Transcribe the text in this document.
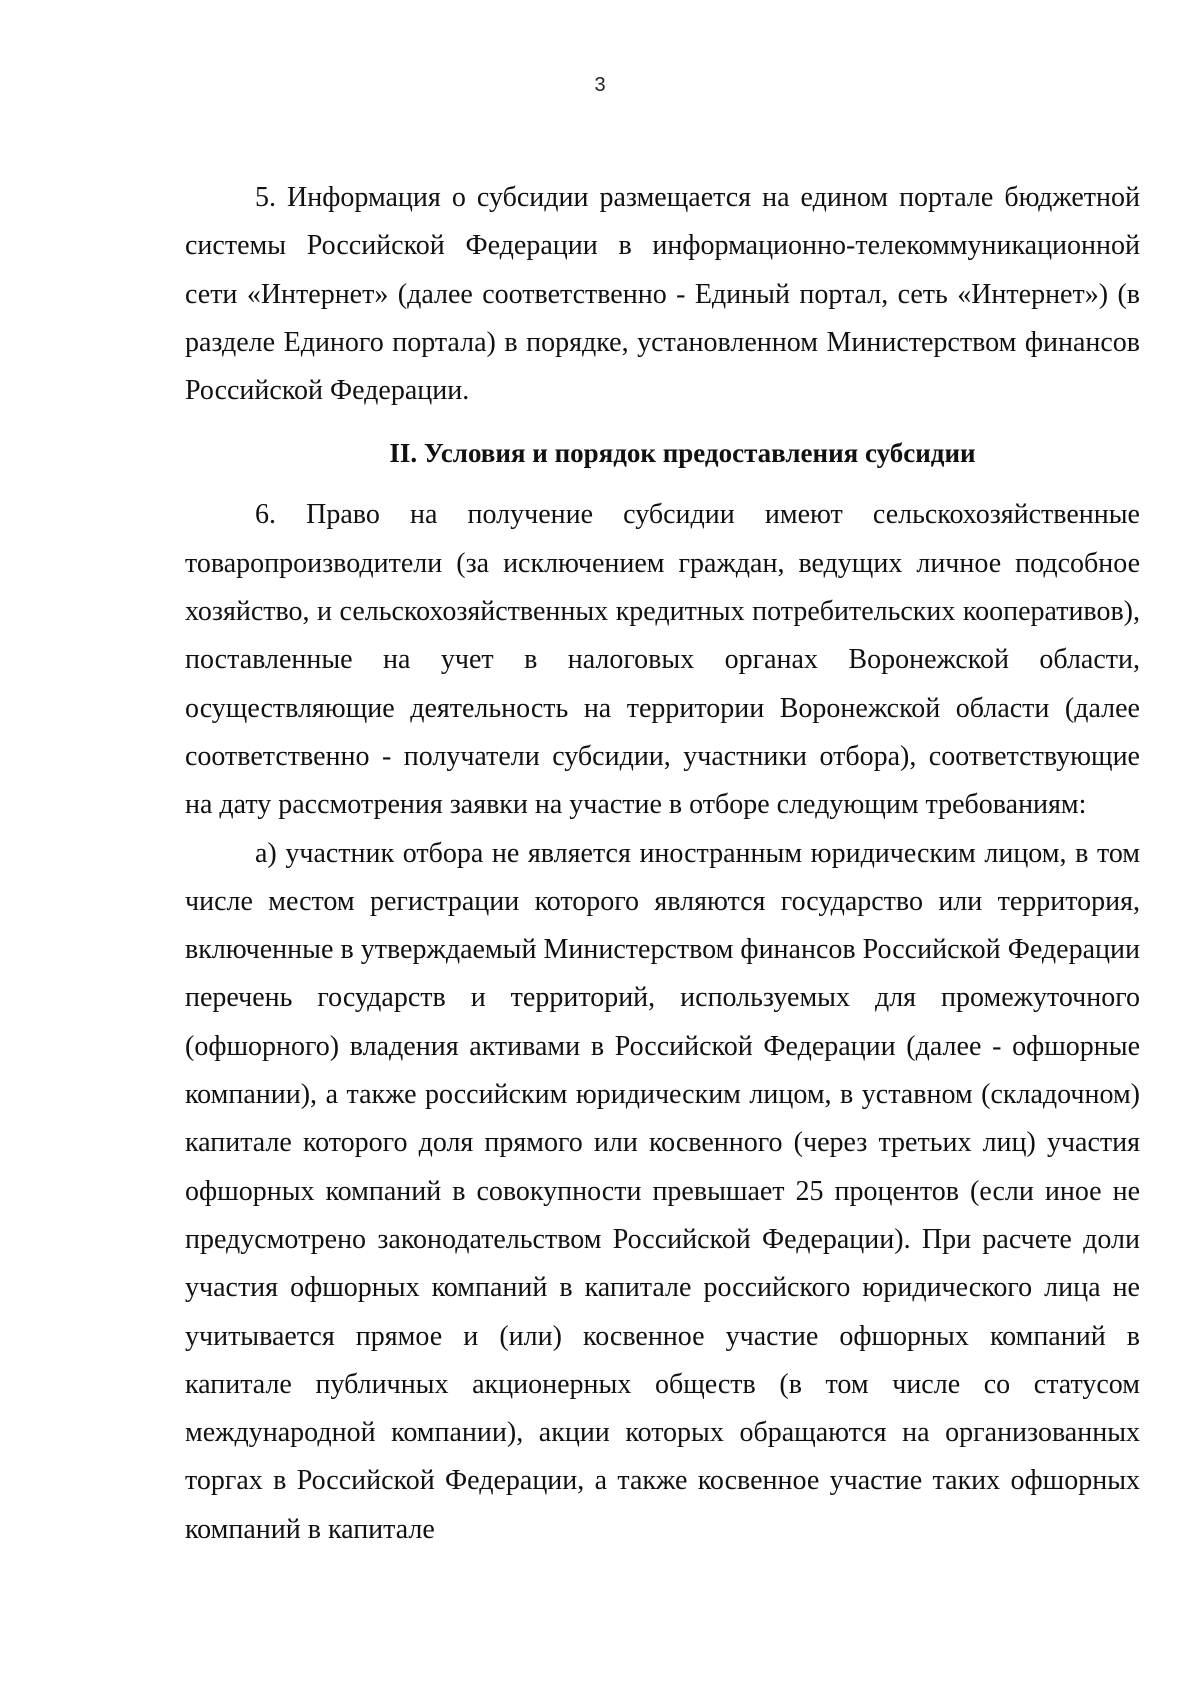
3

5. Информация о субсидии размещается на едином портале бюджетной системы Российской Федерации в информационно-телекоммуникационной сети «Интернет» (далее соответственно - Единый портал, сеть «Интернет») (в разделе Единого портала) в порядке, установленном Министерством финансов Российской Федерации.

II. Условия и порядок предоставления субсидии

6. Право на получение субсидии имеют сельскохозяйственные товаропроизводители (за исключением граждан, ведущих личное подсобное хозяйство, и сельскохозяйственных кредитных потребительских кооперативов), поставленные на учет в налоговых органах Воронежской области, осуществляющие деятельность на территории Воронежской области (далее соответственно - получатели субсидии, участники отбора), соответствующие на дату рассмотрения заявки на участие в отборе следующим требованиям:

а) участник отбора не является иностранным юридическим лицом, в том числе местом регистрации которого являются государство или территория, включенные в утверждаемый Министерством финансов Российской Федерации перечень государств и территорий, используемых для промежуточного (офшорного) владения активами в Российской Федерации (далее - офшорные компании), а также российским юридическим лицом, в уставном (складочном) капитале которого доля прямого или косвенного (через третьих лиц) участия офшорных компаний в совокупности превышает 25 процентов (если иное не предусмотрено законодательством Российской Федерации). При расчете доли участия офшорных компаний в капитале российского юридического лица не учитывается прямое и (или) косвенное участие офшорных компаний в капитале публичных акционерных обществ (в том числе со статусом международной компании), акции которых обращаются на организованных торгах в Российской Федерации, а также косвенное участие таких офшорных компаний в капитале
